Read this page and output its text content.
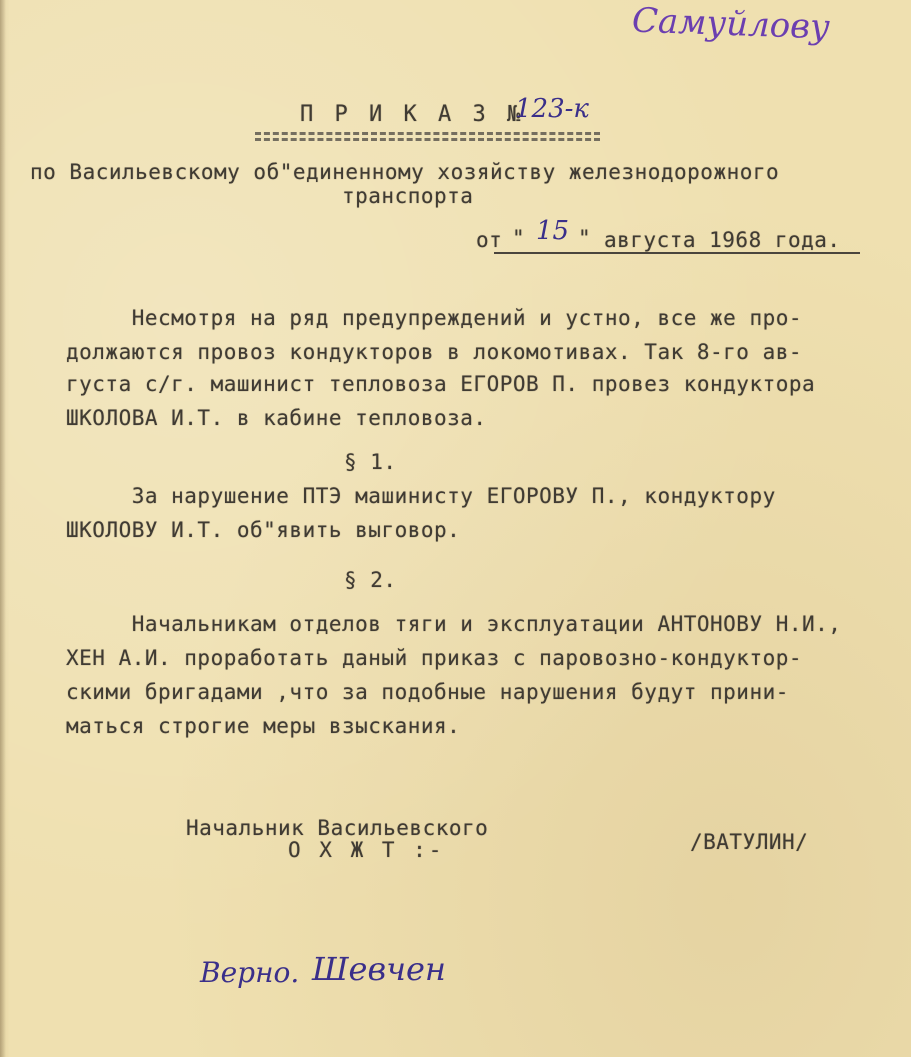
Самуйлову
П Р И К А З №
123-к
по Васильевскому об"единенному хозяйству железнодорожного
транспорта
от " 15 " августа 1968 года.
Несмотря на ряд предупреждений и устно, все же про-
должаются провоз кондукторов в локомотивах. Так 8-го ав-
густа с/г. машинист тепловоза ЕГОРОВ П. провез кондуктора
ШКОЛОВА И.Т. в кабине тепловоза.
§ 1.
За нарушение ПТЭ машинисту ЕГОРОВУ П., кондуктору
ШКОЛОВУ И.Т. об"явить выговор.
§ 2.
Начальникам отделов тяги и эксплуатации АНТОНОВУ Н.И.,
ХЕН А.И. проработать даный приказ с паровозно-кондуктор-
скими бригадами ,что за подобные нарушения будут прини-
маться строгие меры взыскания.
Начальник Васильевского
О Х Ж Т :-	/ВАТУЛИН/
Верно. Шевчен
